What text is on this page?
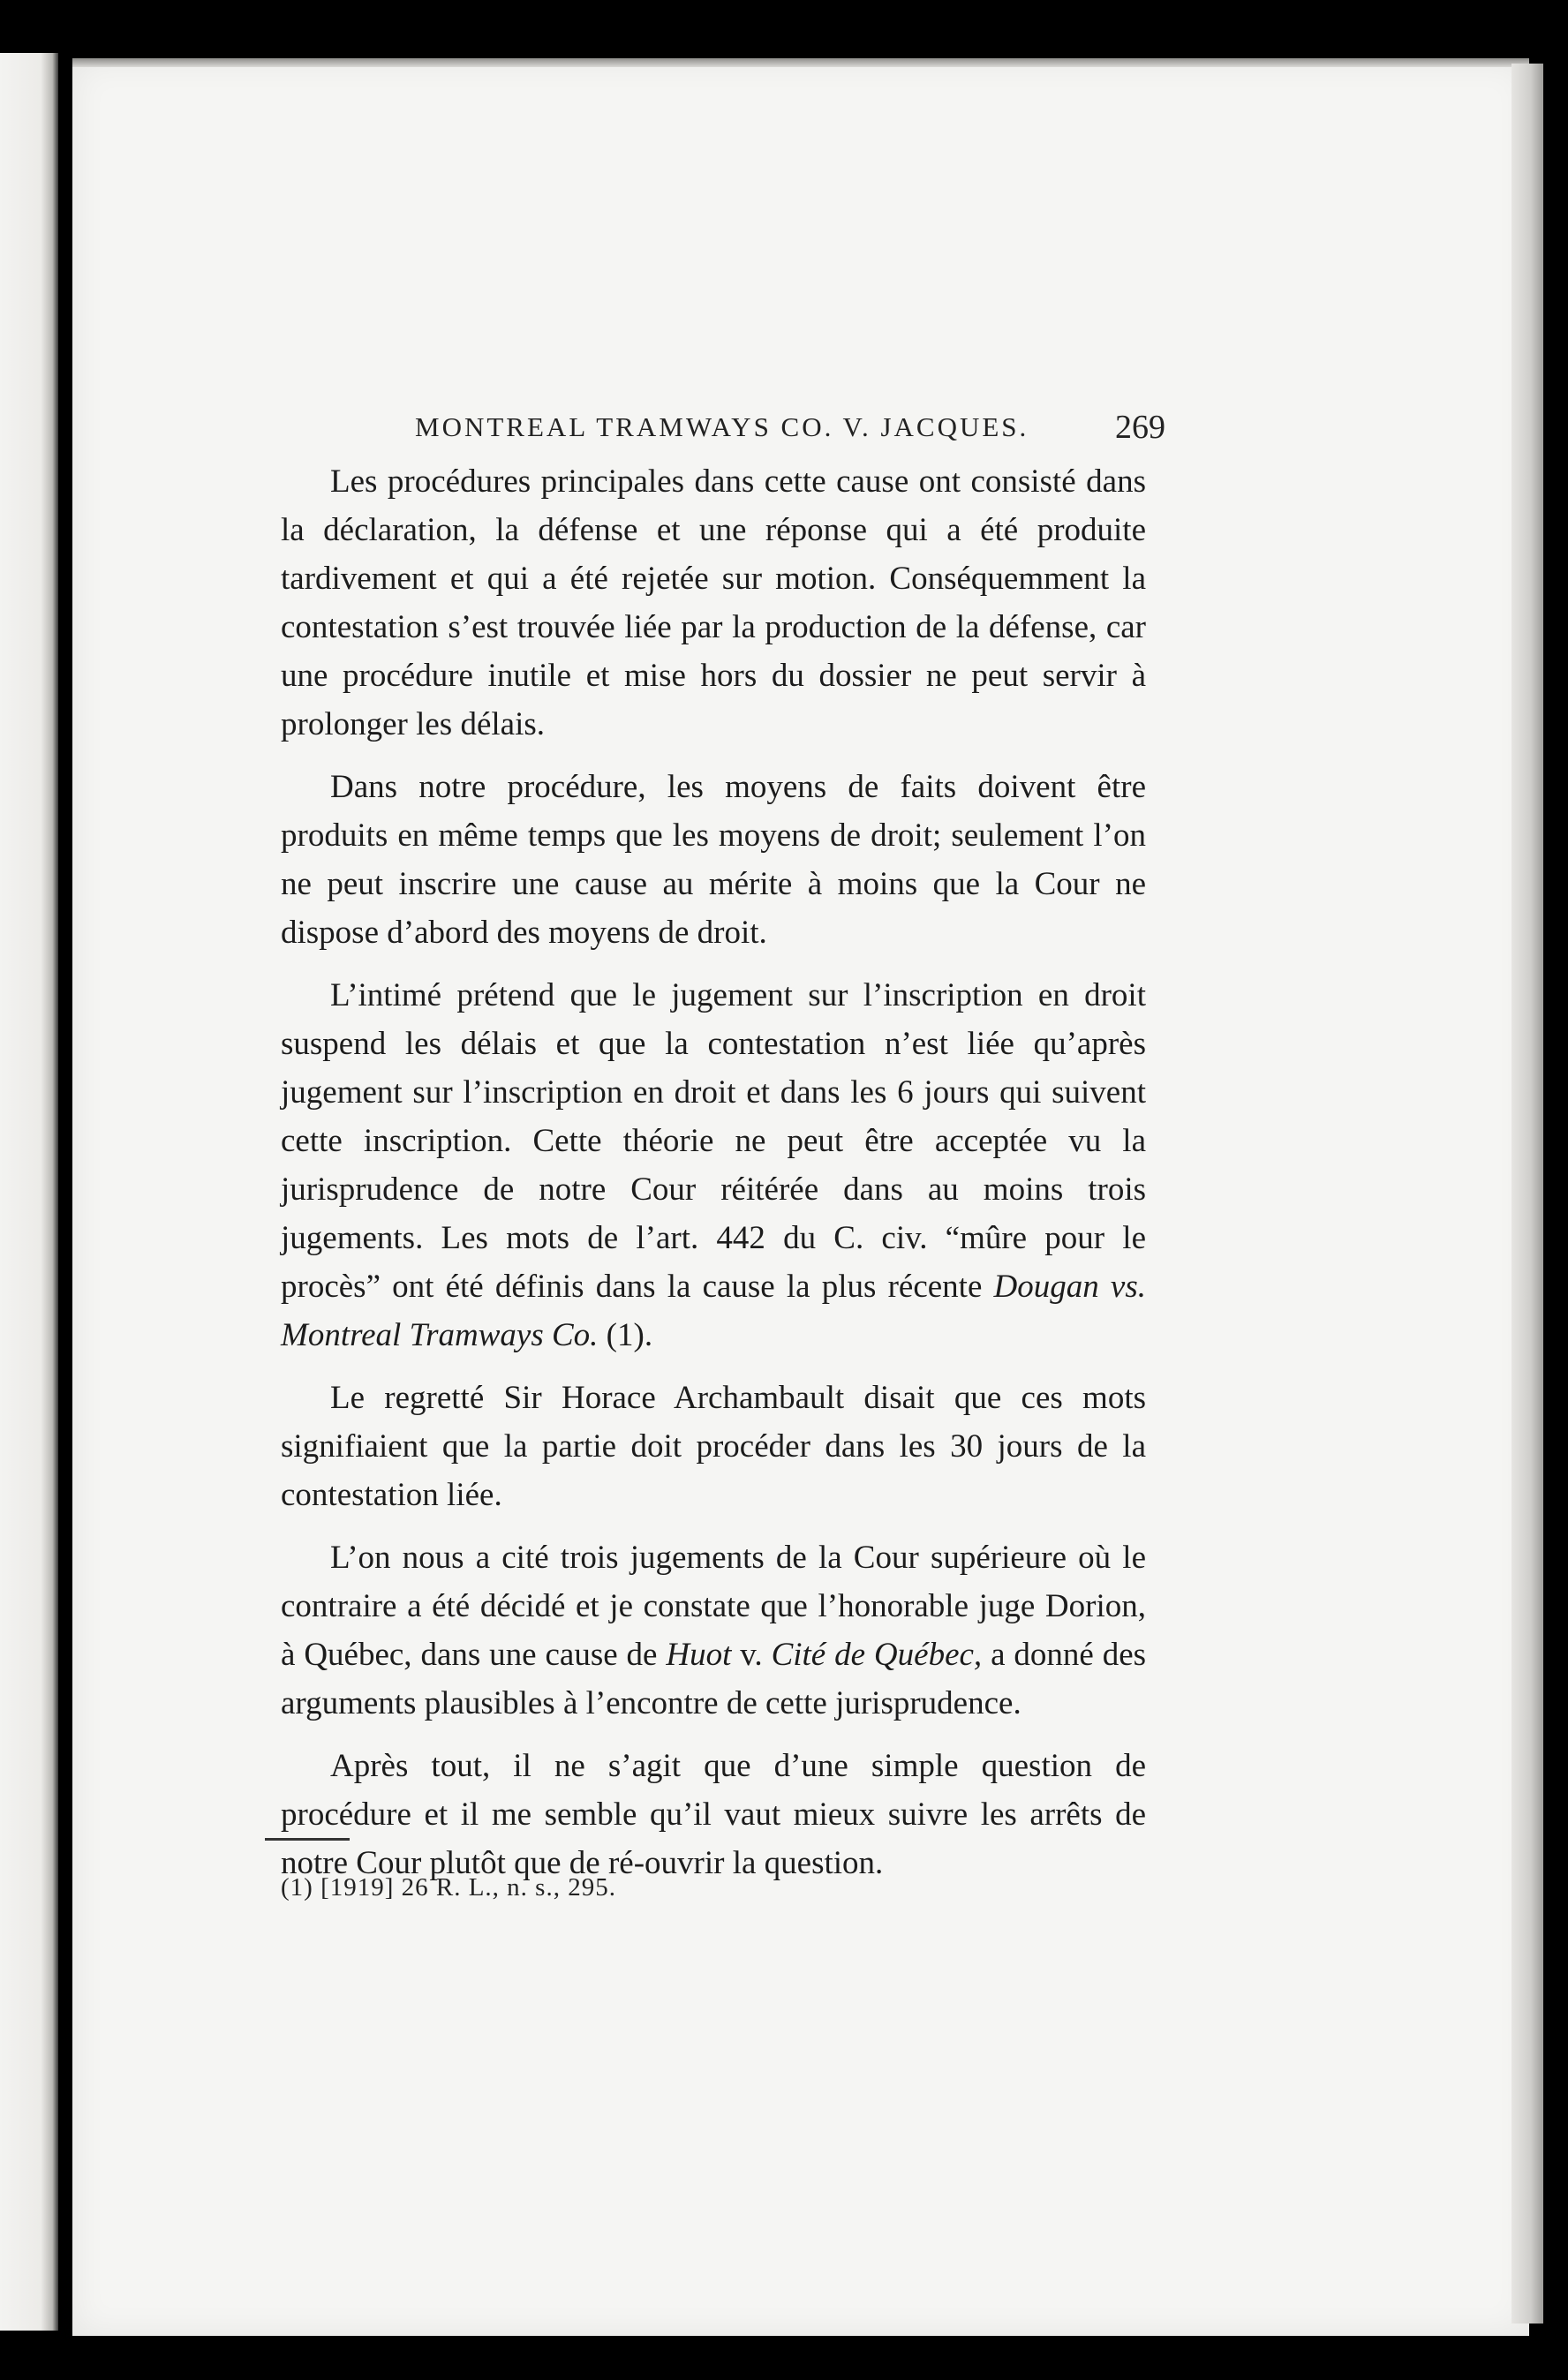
MONTREAL TRAMWAYS CO. V. JACQUES.	269

Les procédures principales dans cette cause ont consisté dans la déclaration, la défense et une réponse qui a été produite tardivement et qui a été rejetée sur motion. Conséquemment la contestation s’est trouvée liée par la production de la défense, car une procédure inutile et mise hors du dossier ne peut servir à prolonger les délais.

Dans notre procédure, les moyens de faits doivent être produits en même temps que les moyens de droit; seulement l’on ne peut inscrire une cause au mérite à moins que la Cour ne dispose d’abord des moyens de droit.

L’intimé prétend que le jugement sur l’inscription en droit suspend les délais et que la contestation n’est liée qu’après jugement sur l’inscription en droit et dans les 6 jours qui suivent cette inscription. Cette théorie ne peut être acceptée vu la jurisprudence de notre Cour réitérée dans au moins trois jugements. Les mots de l’art. 442 du C. civ. “mûre pour le procès” ont été définis dans la cause la plus récente Dougan vs. Montreal Tramways Co. (1).

Le regretté Sir Horace Archambault disait que ces mots signifiaient que la partie doit procéder dans les 30 jours de la contestation liée.

L’on nous a cité trois jugements de la Cour supérieure où le contraire a été décidé et je constate que l’honorable juge Dorion, à Québec, dans une cause de Huot v. Cité de Québec, a donné des arguments plausibles à l’encontre de cette jurisprudence.

Après tout, il ne s’agit que d’une simple question de procédure et il me semble qu’il vaut mieux suivre les arrêts de notre Cour plutôt que de ré-ouvrir la question.

(1) [1919] 26 R. L., n. s., 295.
